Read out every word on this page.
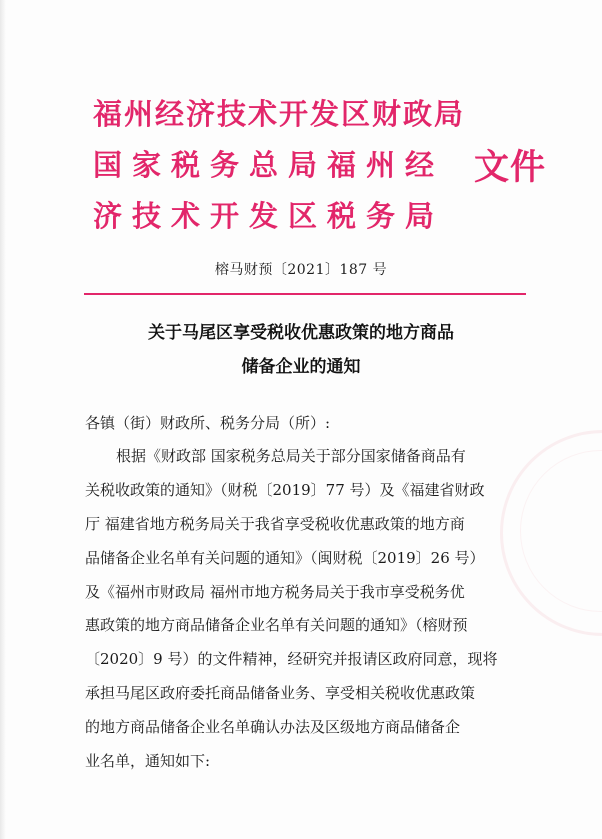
福州经济技术开发区财政局
国家税务总局福州经 文件
济技术开发区税务局
榕马财预〔2021〕187 号
关于马尾区享受税收优惠政策的地方商品
储备企业的通知
各镇（街）财政所、税务分局（所）:
根据《财政部 国家税务总局关于部分国家储备商品有
关税收政策的通知》（财税〔2019〕77 号）及《福建省财政
厅 福建省地方税务局关于我省享受税收优惠政策的地方商
品储备企业名单有关问题的通知》（闽财税〔2019〕26 号）
及《福州市财政局 福州市地方税务局关于我市享受税务优
惠政策的地方商品储备企业名单有关问题的通知》（榕财预
〔2020〕9 号）的文件精神，经研究并报请区政府同意，现将
承担马尾区政府委托商品储备业务、享受相关税收优惠政策
的地方商品储备企业名单确认办法及区级地方商品储备企
业名单，通知如下:
